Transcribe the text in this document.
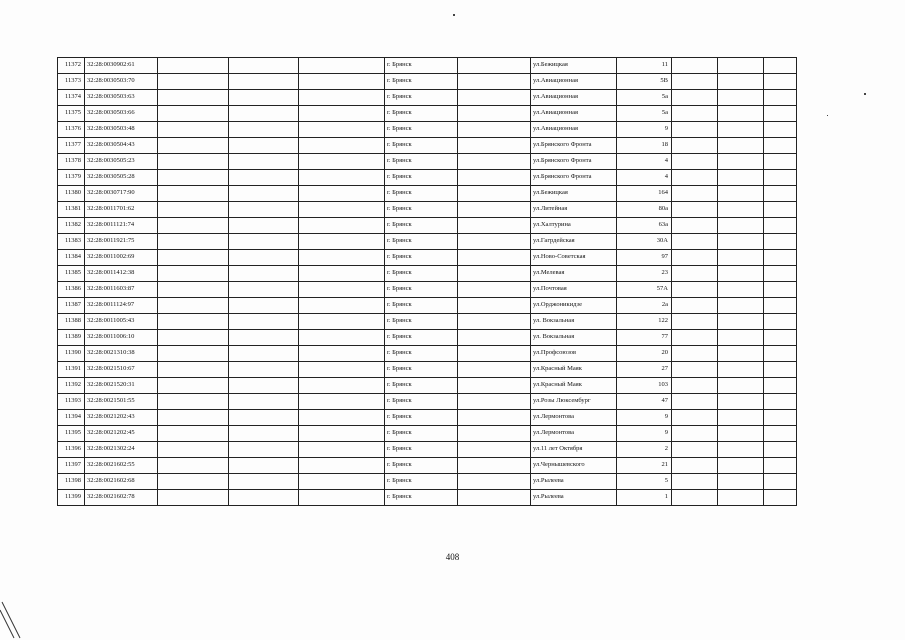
11372	32:28:0030902:61				г. Брянск		ул.Бежицкая	11			
11373	32:28:0030503:70				г. Брянск		ул.Авиационная	5В			
11374	32:28:0030503:63				г. Брянск		ул.Авиационная	5а			
11375	32:28:0030503:66				г. Брянск		ул.Авиационная	5а			
11376	32:28:0030503:48				г. Брянск		ул.Авиационная	9			
11377	32:28:0030504:43				г. Брянск		ул.Брянского Фронта	18			
11378	32:28:0030505:23				г. Брянск		ул.Брянского Фронта	4			
11379	32:28:0030505:28				г. Брянск		ул.Брянского Фронта	4			
11380	32:28:0030717:90				г. Брянск		ул.Бежицкая	164			
11381	32:28:0011701:62				г. Брянск		ул.Литейная	80а			
11382	32:28:0011121:74				г. Брянск		ул.Халтурина	63а			
11383	32:28:0011921:75				г. Брянск		ул.Гагрдейская	30А			
11384	32:28:0011002:69				г. Брянск		ул.Ново-Советская	97			
11385	32:28:0011412:38				г. Брянск		ул.Мелевая	23			
11386	32:28:0011603:87				г. Брянск		ул.Почтовая	57А			
11387	32:28:0011124:97				г. Брянск		ул.Орджоникидзе	2а			
11388	32:28:0011005:43				г. Брянск		ул. Вокзальная	122			
11389	32:28:0011006:10				г. Брянск		ул. Вокзальная	77			
11390	32:28:0021310:38				г. Брянск		ул.Профсоюзов	20			
11391	32:28:0021510:67				г. Брянск		ул.Красный Маяк	27			
11392	32:28:0021520:31				г. Брянск		ул.Красный Маяк	103			
11393	32:28:0021501:55				г. Брянск		ул.Розы Люксембург	47			
11394	32:28:0021202:43				г. Брянск		ул.Лермонтова	9			
11395	32:28:0021202:45				г. Брянск		ул.Лермонтова	9			
11396	32:28:0021302:24				г. Брянск		ул.11 лет Октября	2			
11397	32:28:0021602:55				г. Брянск		ул.Чернышевского	21			
11398	32:28:0021602:68				г. Брянск		ул.Рылеева	5			
11399	32:28:0021602:78				г. Брянск		ул.Рылеева	1			
408
